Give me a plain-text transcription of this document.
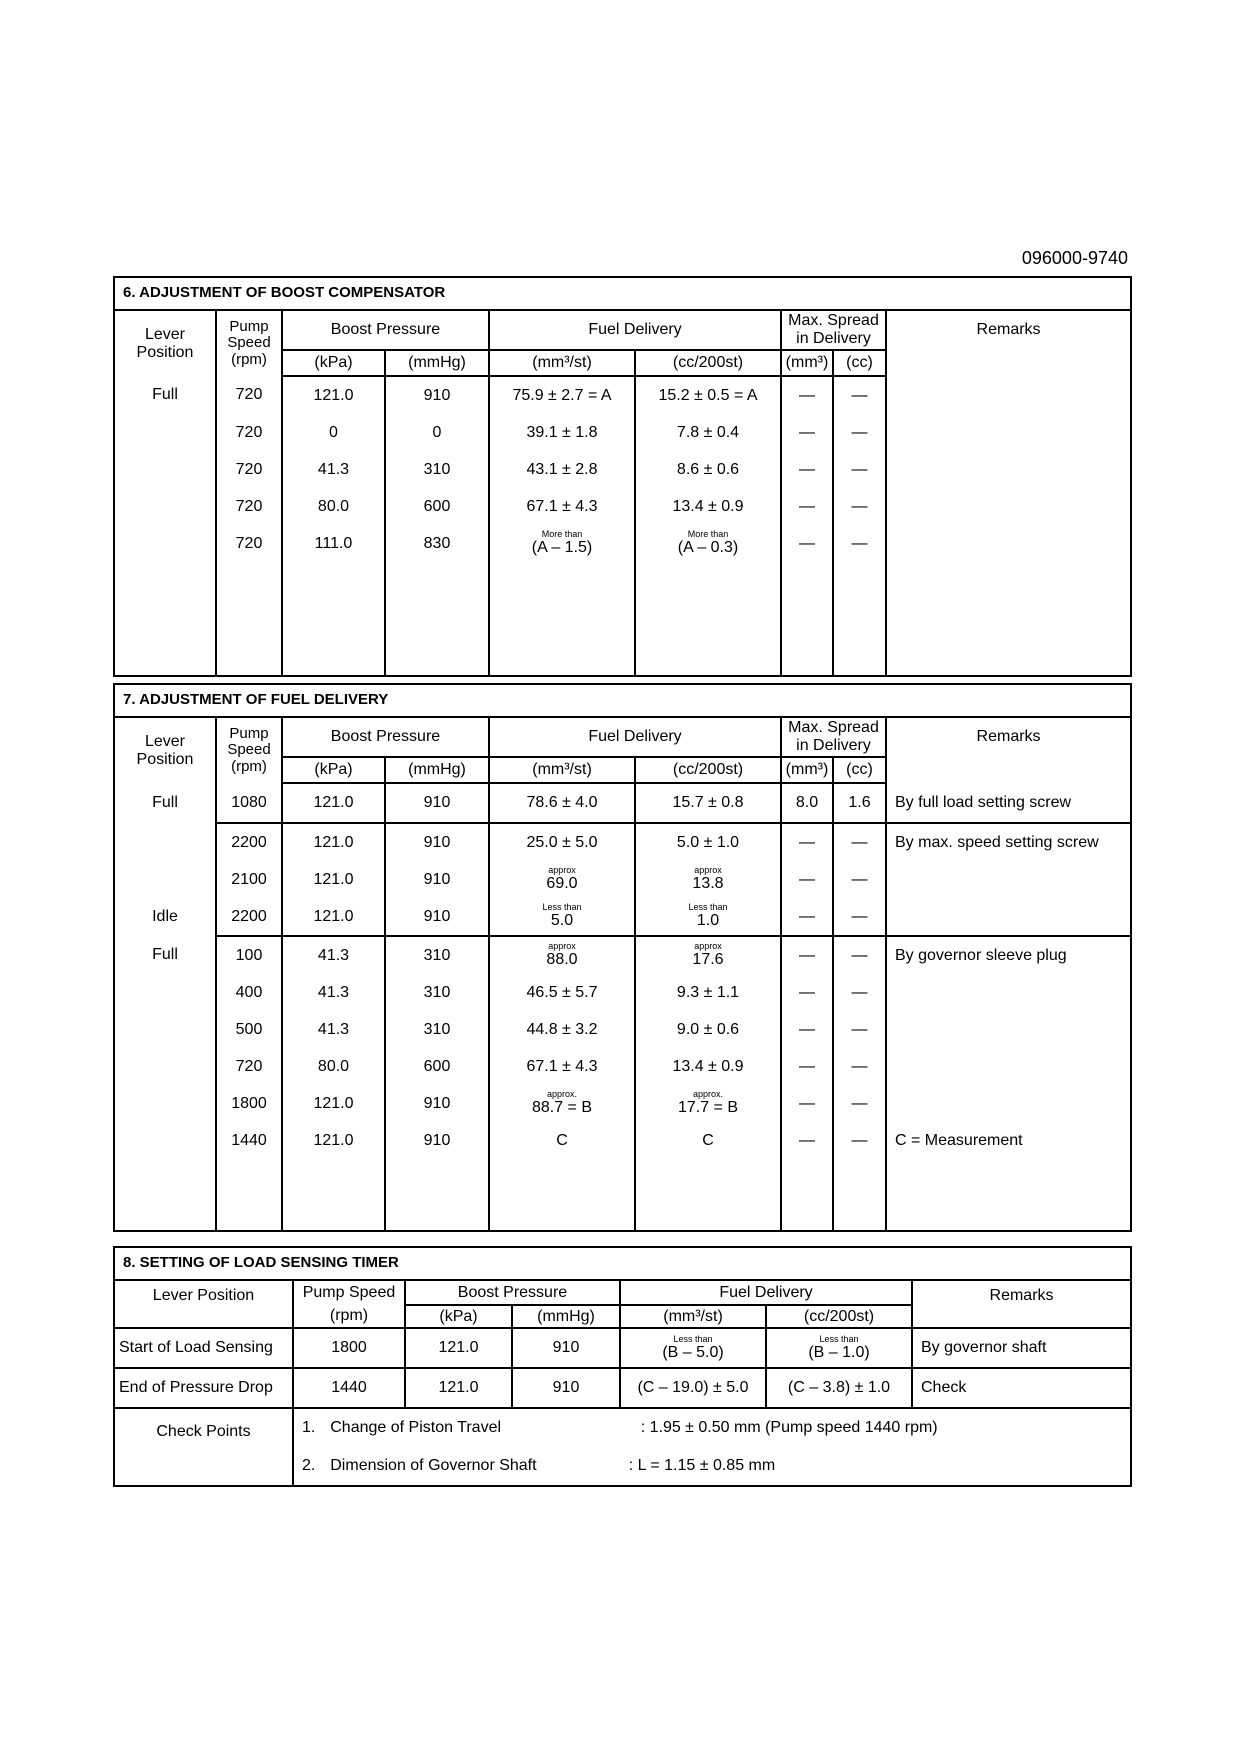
096000-9740
6. ADJUSTMENT OF BOOST COMPENSATOR								
Lever Position	Pump Speed (rpm)	Boost Pressure		Fuel Delivery		Max. Spread in Delivery		Remarks
		(kPa)	(mmHg)	(mm³/st)	(cc/200st)	(mm³)	(cc)	
Full	720	121.0	910	75.9 ± 2.7 = A	15.2 ± 0.5 = A	—	—	
	720	0	0	39.1 ± 1.8	7.8 ± 0.4	—	—	
	720	41.3	310	43.1 ± 2.8	8.6 ± 0.6	—	—	
	720	80.0	600	67.1 ± 4.3	13.4 ± 0.9	—	—	
	720	111.0	830	More than
(A – 1.5)	More than
(A – 0.3)	—	—	

7. ADJUSTMENT OF FUEL DELIVERY								
Lever Position	Pump Speed (rpm)	Boost Pressure		Fuel Delivery		Max. Spread in Delivery		Remarks
		(kPa)	(mmHg)	(mm³/st)	(cc/200st)	(mm³)	(cc)	
Full	1080	121.0	910	78.6 ± 4.0	15.7 ± 0.8	8.0	1.6	By full load setting screw
	2200	121.0	910	25.0 ± 5.0	5.0 ± 1.0	—	—	By max. speed setting screw
	2100	121.0	910	approx
69.0	approx
13.8	—	—	
Idle	2200	121.0	910	Less than
5.0	Less than
1.0	—	—	
Full	100	41.3	310	approx
88.0	approx
17.6	—	—	By governor sleeve plug
	400	41.3	310	46.5 ± 5.7	9.3 ± 1.1	—	—	
	500	41.3	310	44.8 ± 3.2	9.0 ± 0.6	—	—	
	720	80.0	600	67.1 ± 4.3	13.4 ± 0.9	—	—	
	1800	121.0	910	approx.
88.7 = B	approx.
17.7 = B	—	—	
	1440	121.0	910	C	C	—	—	C = Measurement

8. SETTING OF LOAD SENSING TIMER						
Lever Position	Pump Speed	Boost Pressure		Fuel Delivery		Remarks
	(rpm)	(kPa)	(mmHg)	(mm³/st)	(cc/200st)	
Start of Load Sensing	1800	121.0	910	Less than
(B – 5.0)	Less than
(B – 1.0)	By governor shaft
End of Pressure Drop	1440	121.0	910	(C – 19.0) ± 5.0	(C – 3.8) ± 1.0	Check
Check Points	1. Change of Piston Travel : 1.95 ± 0.50 mm (Pump speed 1440 rpm)					
	2. Dimension of Governor Shaft : L = 1.15 ± 0.85 mm					
